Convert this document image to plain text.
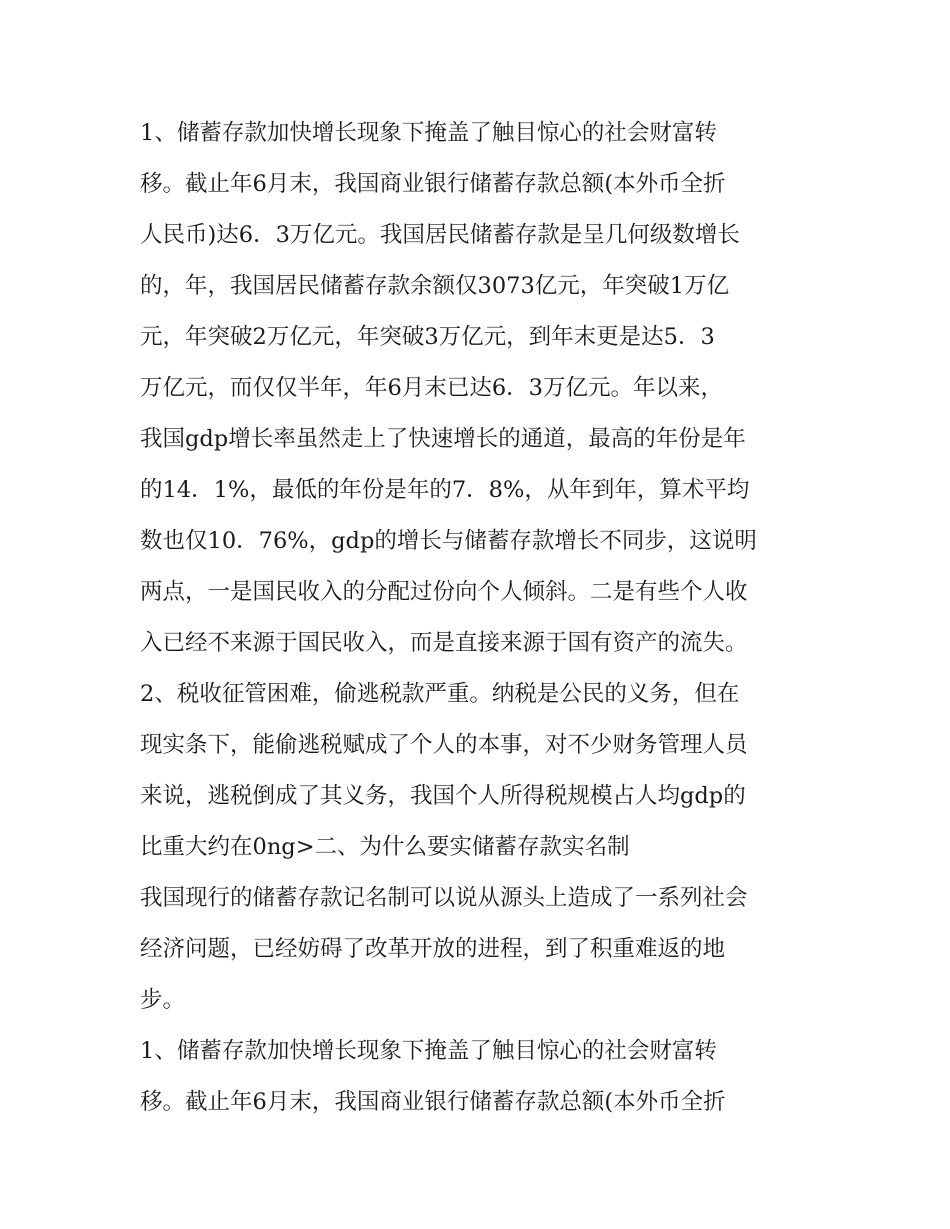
1、储蓄存款加快增长现象下掩盖了触目惊心的社会财富转
移。截止年6月末，我国商业银行储蓄存款总额(本外币全折
人民币)达6．3万亿元。我国居民储蓄存款是呈几何级数增长
的，年，我国居民储蓄存款余额仅3073亿元，年突破1万亿
元，年突破2万亿元，年突破3万亿元，到年末更是达5．3
万亿元，而仅仅半年，年6月末已达6．3万亿元。年以来，
我国gdp增长率虽然走上了快速增长的通道，最高的年份是年
的14．1%，最低的年份是年的7．8%，从年到年，算术平均
数也仅10．76%，gdp的增长与储蓄存款增长不同步，这说明
两点，一是国民收入的分配过份向个人倾斜。二是有些个人收
入已经不来源于国民收入，而是直接来源于国有资产的流失。
2、税收征管困难，偷逃税款严重。纳税是公民的义务，但在
现实条下，能偷逃税赋成了个人的本事，对不少财务管理人员
来说，逃税倒成了其义务，我国个人所得税规模占人均gdp的
比重大约在0ng>二、为什么要实储蓄存款实名制
我国现行的储蓄存款记名制可以说从源头上造成了一系列社会
经济问题，已经妨碍了改革开放的进程，到了积重难返的地
步。
1、储蓄存款加快增长现象下掩盖了触目惊心的社会财富转
移。截止年6月末，我国商业银行储蓄存款总额(本外币全折
